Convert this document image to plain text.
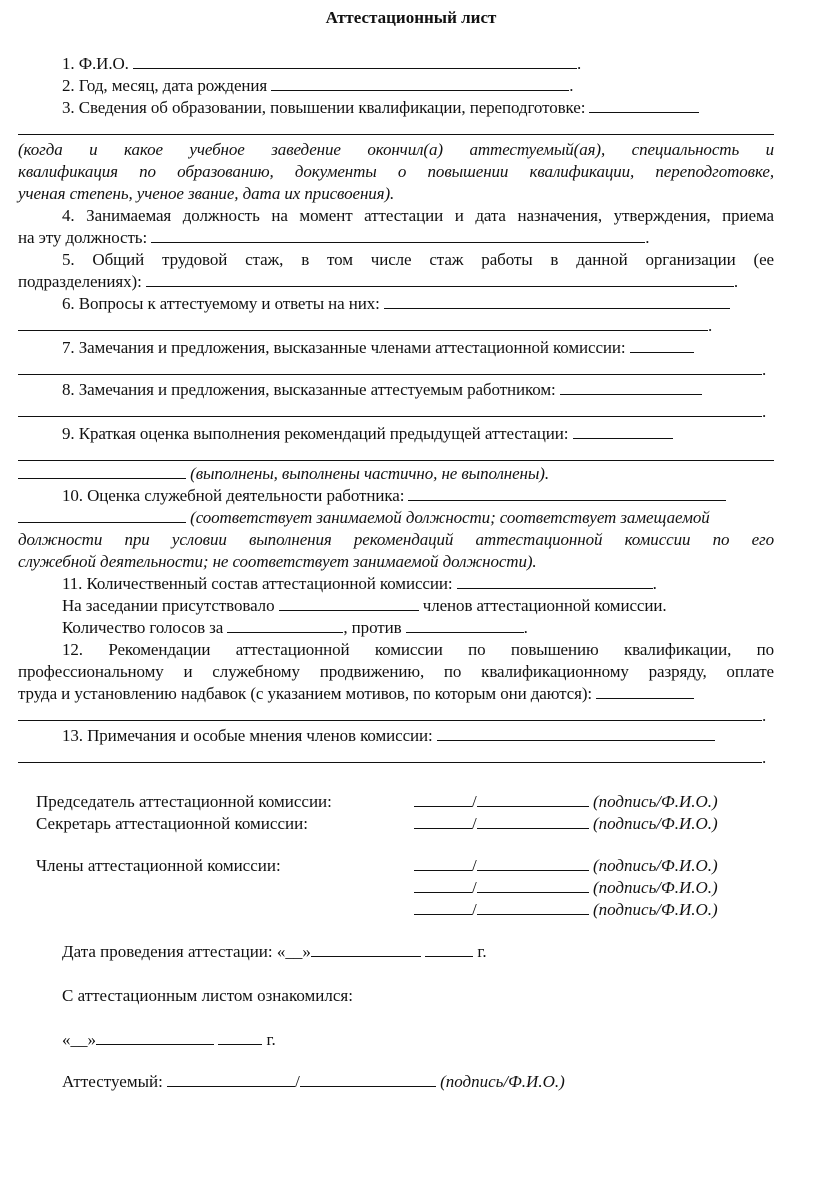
Аттестационный лист
1. Ф.И.О.	.
2. Год, месяц, дата рождения	.
3. Сведения об образовании, повышении квалификации, переподготовке:
(когда и какое учебное заведение окончил(а) аттестуемый(ая), специальность и
квалификация по образованию, документы о повышении квалификации, переподготовке,
ученая степень, ученое звание, дата их присвоения).
4. Занимаемая должность на момент аттестации и дата назначения, утверждения, приема
на эту должность:	.
5. Общий трудовой стаж, в том числе стаж работы в данной организации (ее
подразделениях):	.
6. Вопросы к аттестуемому и ответы на них:
.
7. Замечания и предложения, высказанные членами аттестационной комиссии:
.
8. Замечания и предложения, высказанные аттестуемым работником:
.
9. Краткая оценка выполнения рекомендаций предыдущей аттестации:
(выполнены, выполнены частично, не выполнены).
10. Оценка служебной деятельности работника:
(соответствует занимаемой должности; соответствует замещаемой
должности при условии выполнения рекомендаций аттестационной комиссии по его
служебной деятельности; не соответствует занимаемой должности).
11. Количественный состав аттестационной комиссии:	.
На заседании присутствовало	членов аттестационной комиссии.
Количество голосов за	, против	.
12. Рекомендации аттестационной комиссии по повышению квалификации, по
профессиональному и служебному продвижению, по квалификационному разряду, оплате
труда и установлению надбавок (с указанием мотивов, по которым они даются):
.
13. Примечания и особые мнения членов комиссии:
.
Председатель аттестационной комиссии:	/	(подпись/Ф.И.О.)
Секретарь аттестационной комиссии:	/	(подпись/Ф.И.О.)
Члены аттестационной комиссии:	/	(подпись/Ф.И.О.)
/	(подпись/Ф.И.О.)
/	(подпись/Ф.И.О.)
Дата проведения аттестации: «__»	г.
С аттестационным листом ознакомился:
«__»	г.
Аттестуемый:	/	(подпись/Ф.И.О.)
